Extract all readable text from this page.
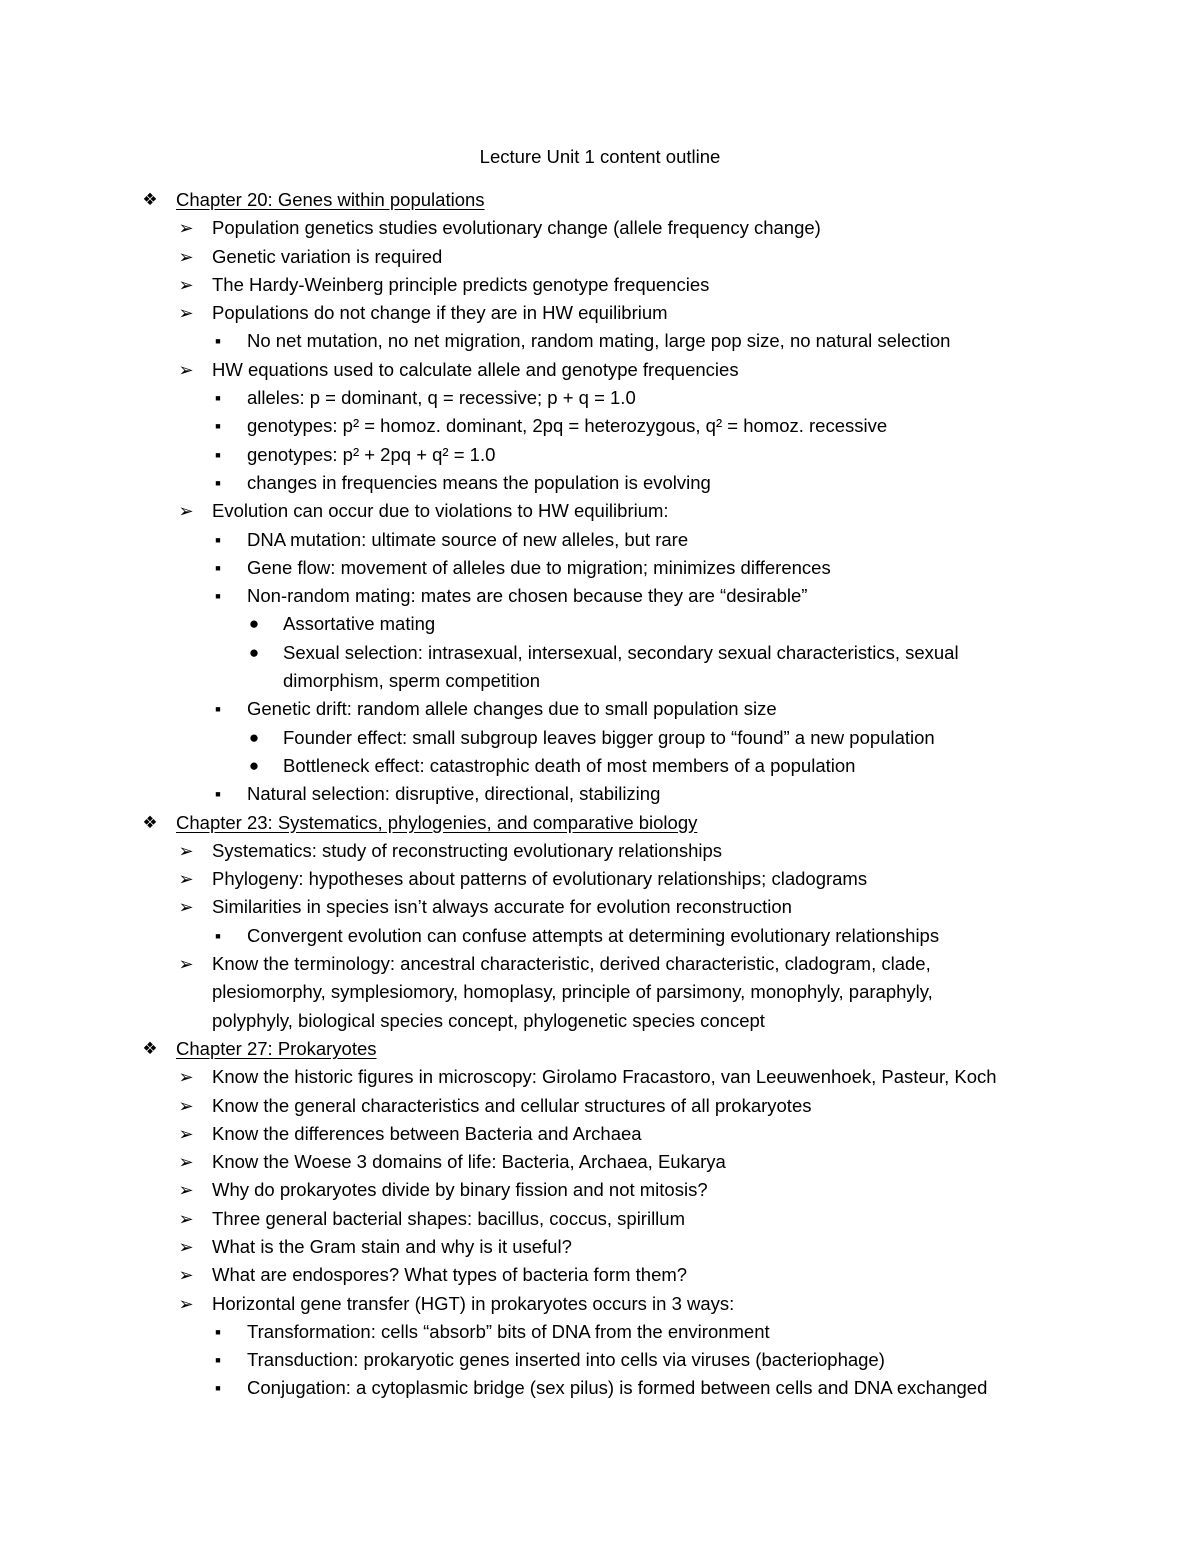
Lecture Unit 1 content outline
❖ Chapter 20: Genes within populations
➢ Population genetics studies evolutionary change (allele frequency change)
➢ Genetic variation is required
➢ The Hardy-Weinberg principle predicts genotype frequencies
➢ Populations do not change if they are in HW equilibrium
■	No net mutation, no net migration, random mating, large pop size, no natural selection
➢ HW equations used to calculate allele and genotype frequencies
■	alleles: p = dominant, q = recessive; p + q = 1.0
■	genotypes: p² = homoz. dominant, 2pq = heterozygous, q² = homoz. recessive
■	genotypes: p² + 2pq + q² = 1.0
■	changes in frequencies means the population is evolving
➢ Evolution can occur due to violations to HW equilibrium:
■	DNA mutation: ultimate source of new alleles, but rare
■	Gene flow: movement of alleles due to migration; minimizes differences
■	Non-random mating: mates are chosen because they are “desirable”
●	Assortative mating
●	Sexual selection: intrasexual, intersexual, secondary sexual characteristics, sexual
dimorphism, sperm competition
■	Genetic drift: random allele changes due to small population size
●	Founder effect: small subgroup leaves bigger group to “found” a new population
●	Bottleneck effect: catastrophic death of most members of a population
■	Natural selection: disruptive, directional, stabilizing
❖ Chapter 23: Systematics, phylogenies, and comparative biology
➢ Systematics: study of reconstructing evolutionary relationships
➢ Phylogeny: hypotheses about patterns of evolutionary relationships; cladograms
➢ Similarities in species isn’t always accurate for evolution reconstruction
■	Convergent evolution can confuse attempts at determining evolutionary relationships
➢ Know the terminology: ancestral characteristic, derived characteristic, cladogram, clade,
plesiomorphy, symplesiomory, homoplasy, principle of parsimony, monophyly, paraphyly,
polyphyly, biological species concept, phylogenetic species concept
❖ Chapter 27: Prokaryotes
➢ Know the historic figures in microscopy: Girolamo Fracastoro, van Leeuwenhoek, Pasteur, Koch
➢ Know the general characteristics and cellular structures of all prokaryotes
➢ Know the differences between Bacteria and Archaea
➢ Know the Woese 3 domains of life: Bacteria, Archaea, Eukarya
➢ Why do prokaryotes divide by binary fission and not mitosis?
➢ Three general bacterial shapes: bacillus, coccus, spirillum
➢ What is the Gram stain and why is it useful?
➢ What are endospores? What types of bacteria form them?
➢ Horizontal gene transfer (HGT) in prokaryotes occurs in 3 ways:
■	Transformation: cells “absorb” bits of DNA from the environment
■	Transduction: prokaryotic genes inserted into cells via viruses (bacteriophage)
■	Conjugation: a cytoplasmic bridge (sex pilus) is formed between cells and DNA exchanged
